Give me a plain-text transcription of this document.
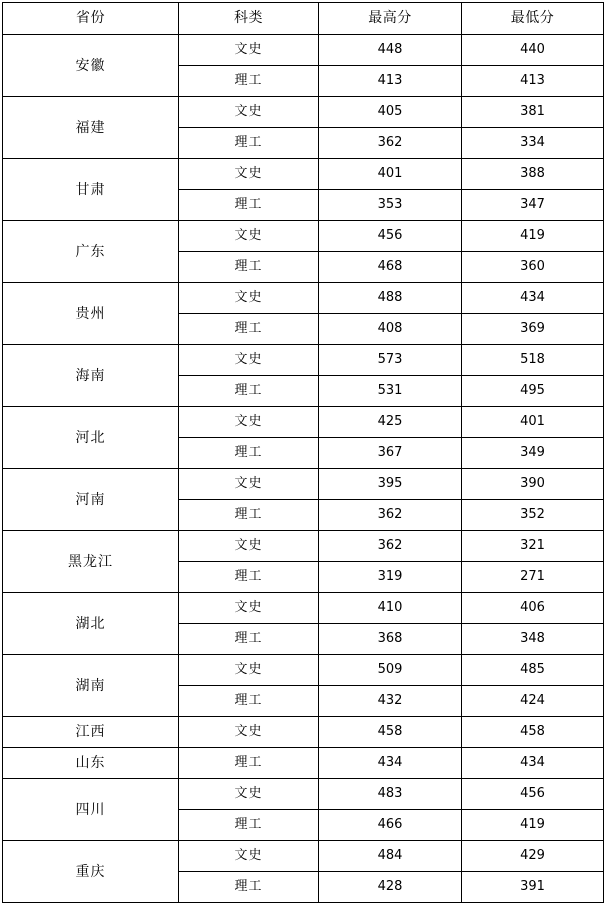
省份	科类	最高分	最低分
安徽	文史	448	440
	理工	413	413
福建	文史	405	381
	理工	362	334
甘肃	文史	401	388
	理工	353	347
广东	文史	456	419
	理工	468	360
贵州	文史	488	434
	理工	408	369
海南	文史	573	518
	理工	531	495
河北	文史	425	401
	理工	367	349
河南	文史	395	390
	理工	362	352
黑龙江	文史	362	321
	理工	319	271
湖北	文史	410	406
	理工	368	348
湖南	文史	509	485
	理工	432	424
江西	文史	458	458
山东	理工	434	434
四川	文史	483	456
	理工	466	419
重庆	文史	484	429
	理工	428	391
